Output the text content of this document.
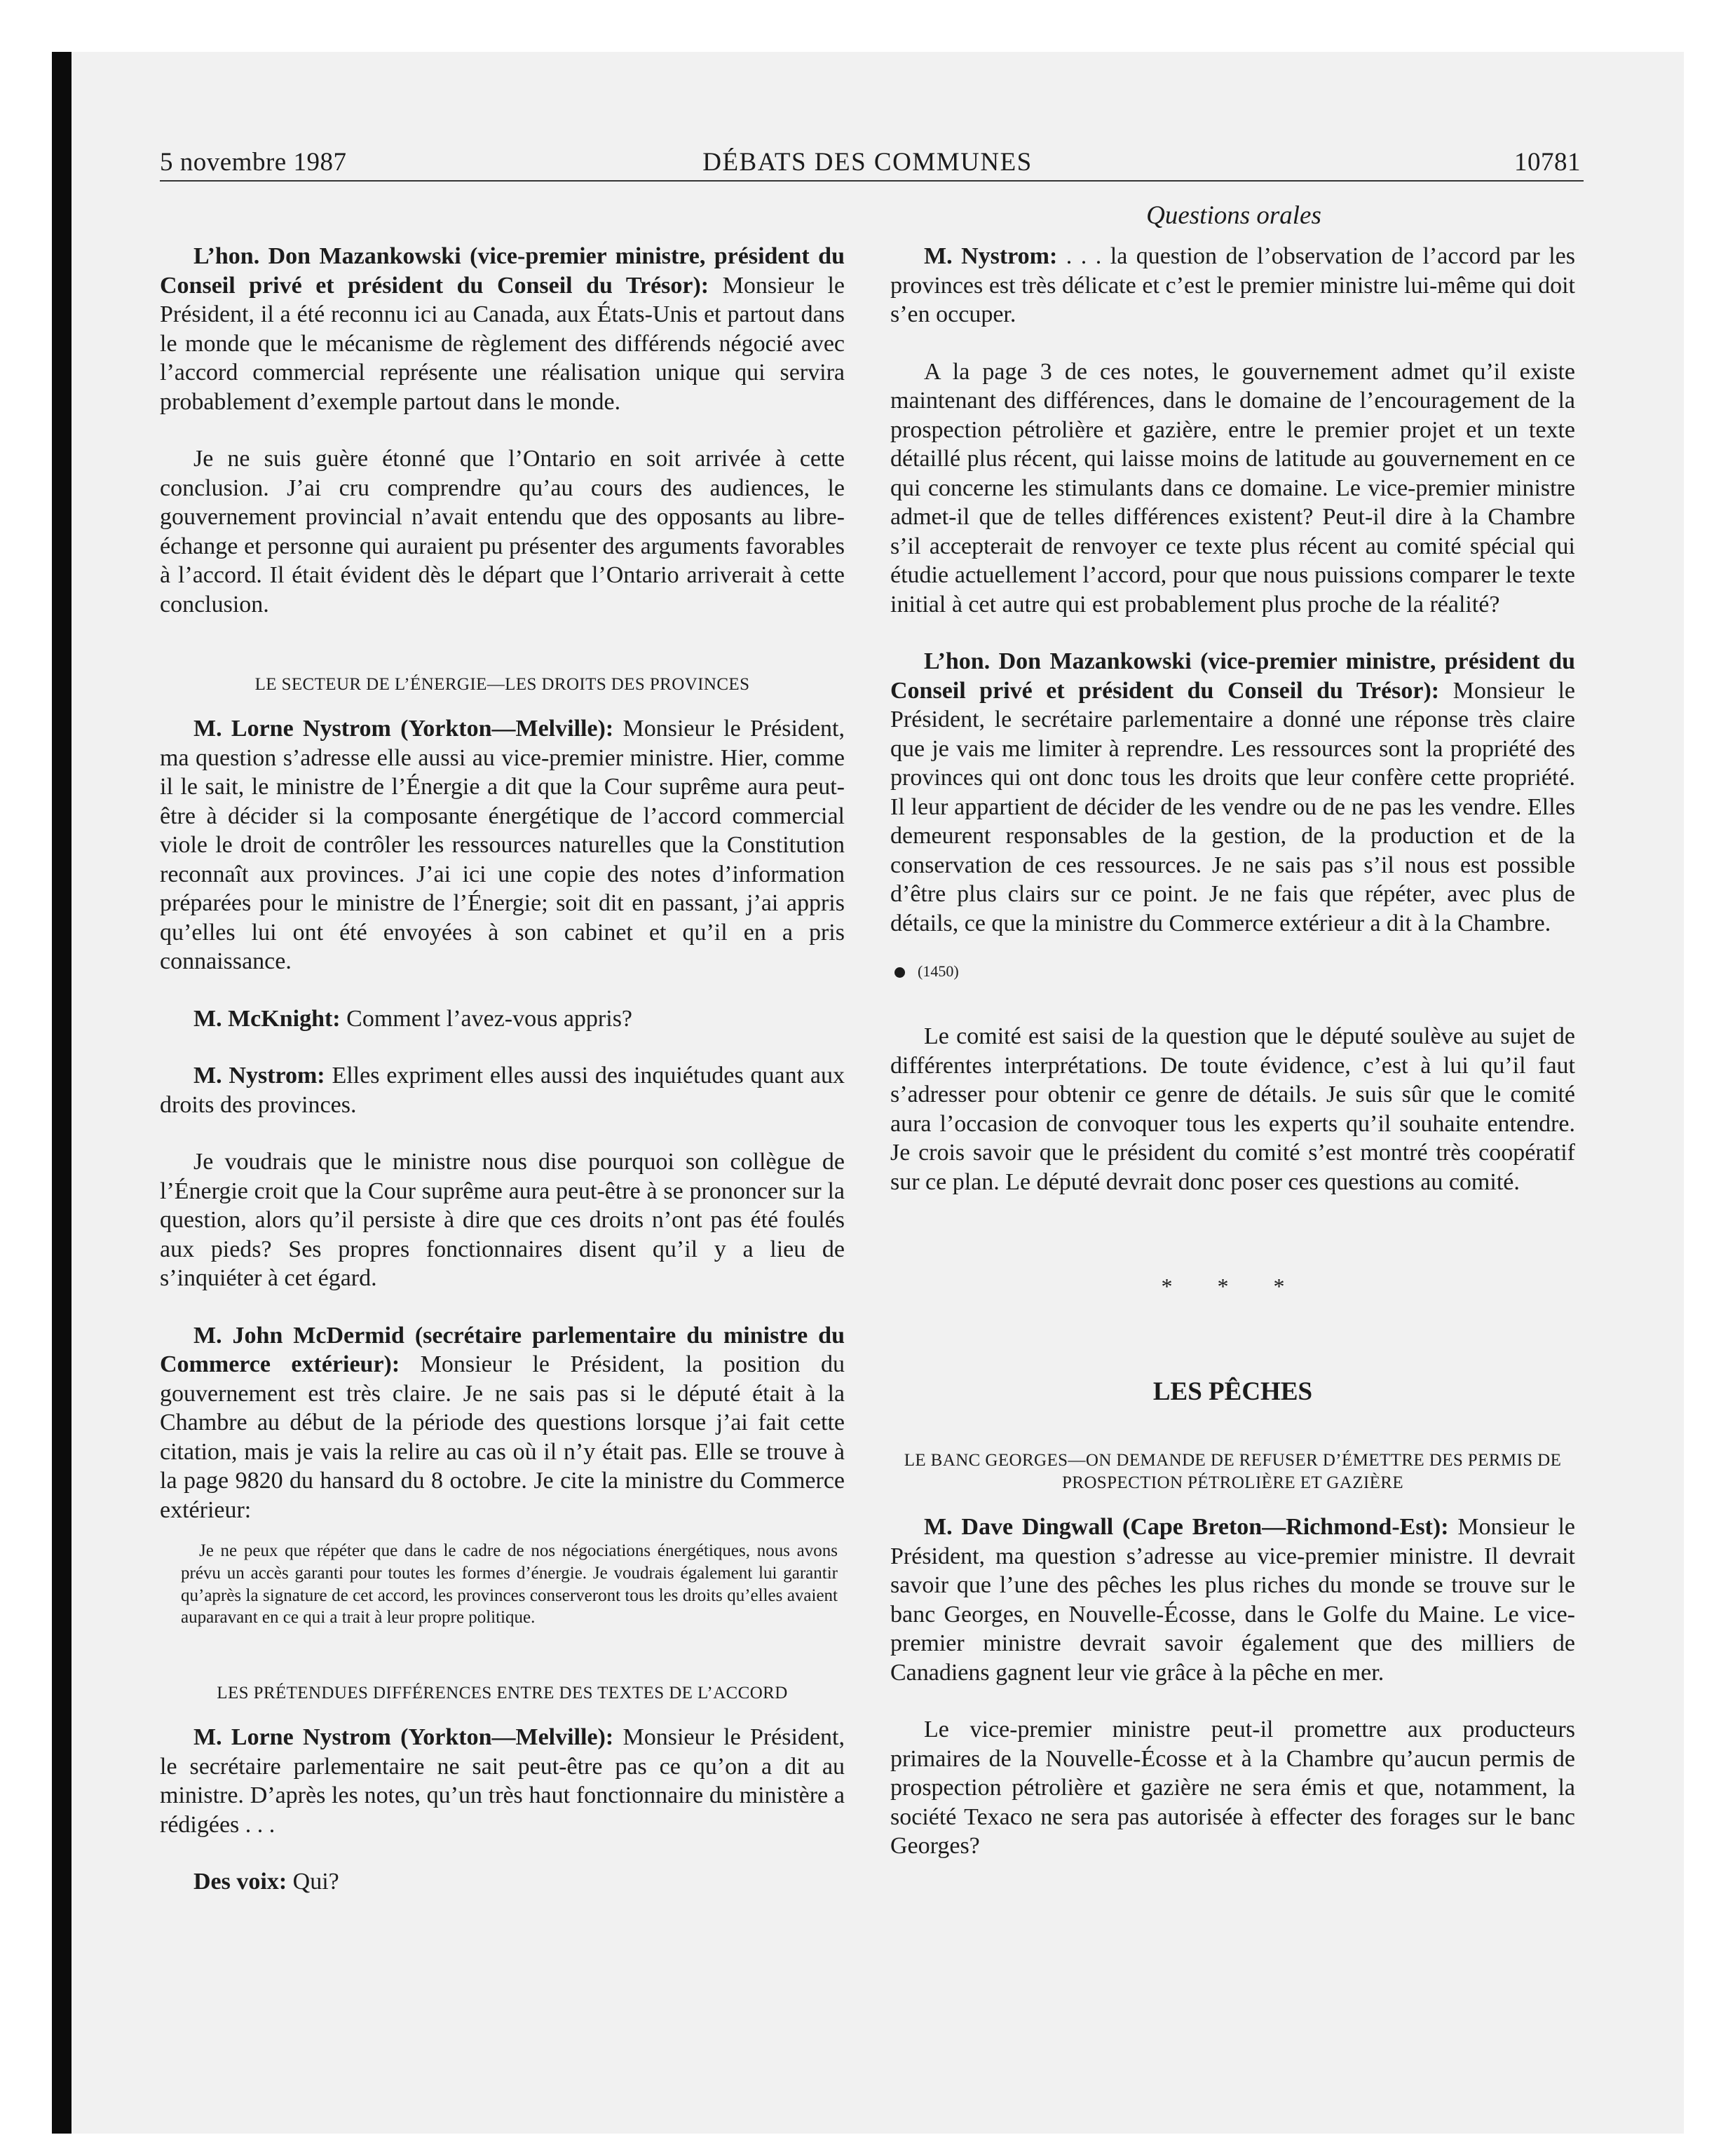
DÉBATS DES COMMUNES
5 novembre 1987	10781
Questions orales

L’hon. Don Mazankowski (vice-premier ministre, président du Conseil privé et président du Conseil du Trésor): Monsieur le Président, il a été reconnu ici au Canada, aux États-Unis et partout dans le monde que le mécanisme de règlement des différends négocié avec l’accord commercial représente une réalisation unique qui servira probablement d’exemple partout dans le monde.

Je ne suis guère étonné que l’Ontario en soit arrivée à cette conclusion. J’ai cru comprendre qu’au cours des audiences, le gouvernement provincial n’avait entendu que des opposants au libre-échange et personne qui auraient pu présenter des arguments favorables à l’accord. Il était évident dès le départ que l’Ontario arriverait à cette conclusion.

LE SECTEUR DE L’ÉNERGIE—LES DROITS DES PROVINCES

M. Lorne Nystrom (Yorkton—Melville): Monsieur le Président, ma question s’adresse elle aussi au vice-premier ministre. Hier, comme il le sait, le ministre de l’Énergie a dit que la Cour suprême aura peut-être à décider si la composante énergétique de l’accord commercial viole le droit de contrôler les ressources naturelles que la Constitution reconnaît aux provinces. J’ai ici une copie des notes d’information préparées pour le ministre de l’Énergie; soit dit en passant, j’ai appris qu’elles lui ont été envoyées à son cabinet et qu’il en a pris connaissance.

M. McKnight: Comment l’avez-vous appris?

M. Nystrom: Elles expriment elles aussi des inquiétudes quant aux droits des provinces.

Je voudrais que le ministre nous dise pourquoi son collègue de l’Énergie croit que la Cour suprême aura peut-être à se prononcer sur la question, alors qu’il persiste à dire que ces droits n’ont pas été foulés aux pieds? Ses propres fonctionnaires disent qu’il y a lieu de s’inquiéter à cet égard.

M. John McDermid (secrétaire parlementaire du ministre du Commerce extérieur): Monsieur le Président, la position du gouvernement est très claire. Je ne sais pas si le député était à la Chambre au début de la période des questions lorsque j’ai fait cette citation, mais je vais la relire au cas où il n’y était pas. Elle se trouve à la page 9820 du hansard du 8 octobre. Je cite la ministre du Commerce extérieur:

Je ne peux que répéter que dans le cadre de nos négociations énergétiques, nous avons prévu un accès garanti pour toutes les formes d’énergie. Je voudrais également lui garantir qu’après la signature de cet accord, les provinces conserveront tous les droits qu’elles avaient auparavant en ce qui a trait à leur propre politique.

LES PRÉTENDUES DIFFÉRENCES ENTRE DES TEXTES DE L’ACCORD

M. Lorne Nystrom (Yorkton—Melville): Monsieur le Président, le secrétaire parlementaire ne sait peut-être pas ce qu’on a dit au ministre. D’après les notes, qu’un très haut fonctionnaire du ministère a rédigées . . .

Des voix: Qui?

M. Nystrom: . . . la question de l’observation de l’accord par les provinces est très délicate et c’est le premier ministre lui-même qui doit s’en occuper.

A la page 3 de ces notes, le gouvernement admet qu’il existe maintenant des différences, dans le domaine de l’encouragement de la prospection pétrolière et gazière, entre le premier projet et un texte détaillé plus récent, qui laisse moins de latitude au gouvernement en ce qui concerne les stimulants dans ce domaine. Le vice-premier ministre admet-il que de telles différences existent? Peut-il dire à la Chambre s’il accepterait de renvoyer ce texte plus récent au comité spécial qui étudie actuellement l’accord, pour que nous puissions comparer le texte initial à cet autre qui est probablement plus proche de la réalité?

L’hon. Don Mazankowski (vice-premier ministre, président du Conseil privé et président du Conseil du Trésor): Monsieur le Président, le secrétaire parlementaire a donné une réponse très claire que je vais me limiter à reprendre. Les ressources sont la propriété des provinces qui ont donc tous les droits que leur confère cette propriété. Il leur appartient de décider de les vendre ou de ne pas les vendre. Elles demeurent responsables de la gestion, de la production et de la conservation de ces ressources. Je ne sais pas s’il nous est possible d’être plus clairs sur ce point. Je ne fais que répéter, avec plus de détails, ce que la ministre du Commerce extérieur a dit à la Chambre.

(1450)

Le comité est saisi de la question que le député soulève au sujet de différentes interprétations. De toute évidence, c’est à lui qu’il faut s’adresser pour obtenir ce genre de détails. Je suis sûr que le comité aura l’occasion de convoquer tous les experts qu’il souhaite entendre. Je crois savoir que le président du comité s’est montré très coopératif sur ce plan. Le député devrait donc poser ces questions au comité.

* * *

LES PÊCHES

LE BANC GEORGES—ON DEMANDE DE REFUSER D’ÉMETTRE DES PERMIS DE PROSPECTION PÉTROLIÈRE ET GAZIÈRE

M. Dave Dingwall (Cape Breton—Richmond-Est): Monsieur le Président, ma question s’adresse au vice-premier ministre. Il devrait savoir que l’une des pêches les plus riches du monde se trouve sur le banc Georges, en Nouvelle-Écosse, dans le Golfe du Maine. Le vice-premier ministre devrait savoir également que des milliers de Canadiens gagnent leur vie grâce à la pêche en mer.

Le vice-premier ministre peut-il promettre aux producteurs primaires de la Nouvelle-Écosse et à la Chambre qu’aucun permis de prospection pétrolière et gazière ne sera émis et que, notamment, la société Texaco ne sera pas autorisée à effecter des forages sur le banc Georges?
